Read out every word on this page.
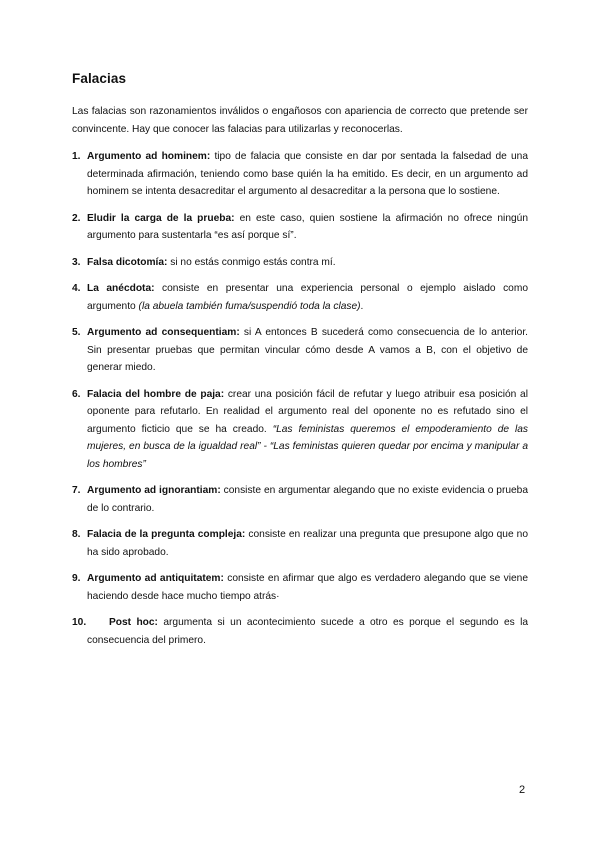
Falacias

Las falacias son razonamientos inválidos o engañosos con apariencia de correcto que pretende ser convincente. Hay que conocer las falacias para utilizarlas y reconocerlas.

1. Argumento ad hominem: tipo de falacia que consiste en dar por sentada la falsedad de una determinada afirmación, teniendo como base quién la ha emitido. Es decir, en un argumento ad hominem se intenta desacreditar el argumento al desacreditar a la persona que lo sostiene.
2. Eludir la carga de la prueba: en este caso, quien sostiene la afirmación no ofrece ningún argumento para sustentarla “es así porque sí”.
3. Falsa dicotomía: si no estás conmigo estás contra mí.
4. La anécdota: consiste en presentar una experiencia personal o ejemplo aislado como argumento (la abuela también fuma/suspendió toda la clase).
5. Argumento ad consequentiam: si A entonces B sucederá como consecuencia de lo anterior. Sin presentar pruebas que permitan vincular cómo desde A vamos a B, con el objetivo de generar miedo.
6. Falacia del hombre de paja: crear una posición fácil de refutar y luego atribuir esa posición al oponente para refutarlo. En realidad el argumento real del oponente no es refutado sino el argumento ficticio que se ha creado. “Las feministas queremos el empoderamiento de las mujeres, en busca de la igualdad real” - “Las feministas quieren quedar por encima y manipular a los hombres”
7. Argumento ad ignorantiam: consiste en argumentar alegando que no existe evidencia o prueba de lo contrario.
8. Falacia de la pregunta compleja: consiste en realizar una pregunta que presupone algo que no ha sido aprobado.
9. Argumento ad antiquitatem: consiste en afirmar que algo es verdadero alegando que se viene haciendo desde hace mucho tiempo atrás·
10. Post hoc: argumenta si un acontecimiento sucede a otro es porque el segundo es la consecuencia del primero.
2
